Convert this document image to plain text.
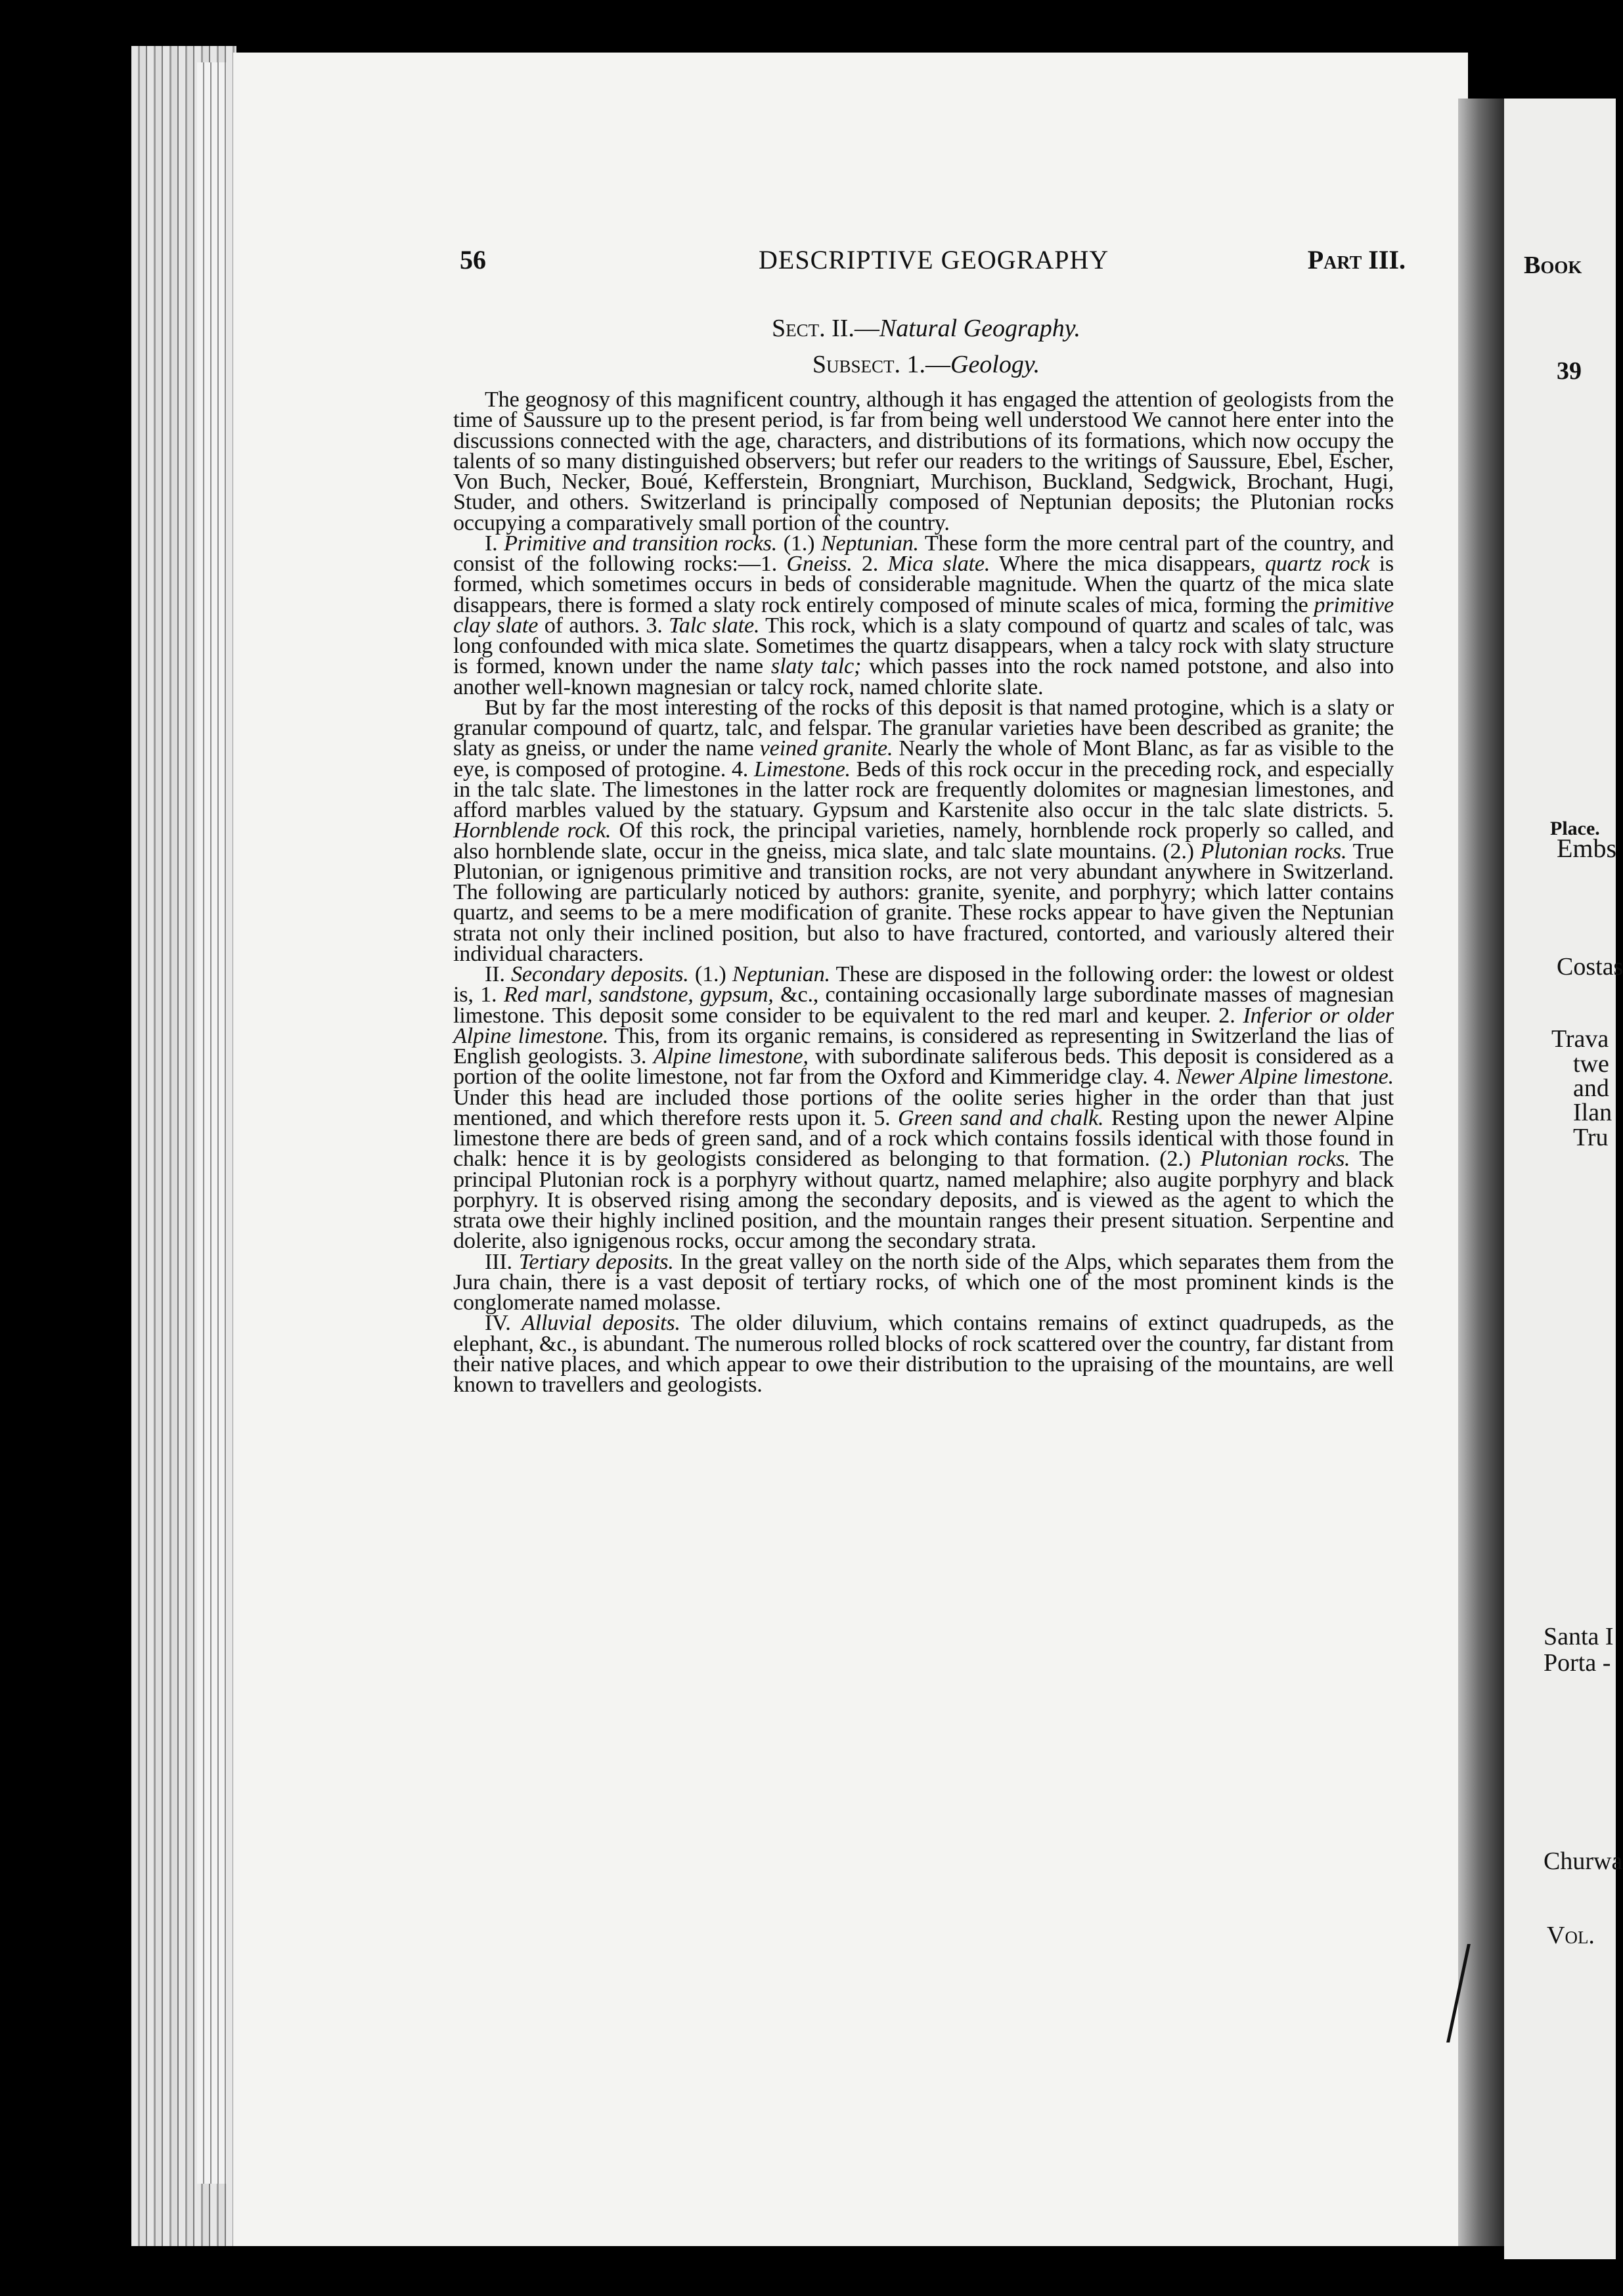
Book
39
Place.
Embs
Costas
Trava
twe
and
Ilan
Tru
Santa I
Porta -
Churwa
Vol.
56	DESCRIPTIVE GEOGRAPHY	Part III.
Sect. II.—Natural Geography.
Subsect. 1.—Geology.

The geognosy of this magnificent country, although it has engaged the attention of geologists from the time of Saussure up to the present period, is far from being well understood We cannot here enter into the discussions connected with the age, characters, and distributions of its formations, which now occupy the talents of so many distinguished observers; but refer our readers to the writings of Saussure, Ebel, Escher, Von Buch, Necker, Boué, Kefferstein, Brongniart, Murchison, Buckland, Sedgwick, Brochant, Hugi, Studer, and others. Switzerland is principally composed of Neptunian deposits; the Plutonian rocks occupying a comparatively small portion of the country.

I. Primitive and transition rocks. (1.) Neptunian. These form the more central part of the country, and consist of the following rocks:—1. Gneiss. 2. Mica slate. Where the mica disappears, quartz rock is formed, which sometimes occurs in beds of considerable magnitude. When the quartz of the mica slate disappears, there is formed a slaty rock entirely composed of minute scales of mica, forming the primitive clay slate of authors. 3. Talc slate. This rock, which is a slaty compound of quartz and scales of talc, was long confounded with mica slate. Sometimes the quartz disappears, when a talcy rock with slaty structure is formed, known under the name slaty talc; which passes into the rock named potstone, and also into another well-known magnesian or talcy rock, named chlorite slate.

But by far the most interesting of the rocks of this deposit is that named protogine, which is a slaty or granular compound of quartz, talc, and felspar. The granular varieties have been described as granite; the slaty as gneiss, or under the name veined granite. Nearly the whole of Mont Blanc, as far as visible to the eye, is composed of protogine. 4. Limestone. Beds of this rock occur in the preceding rock, and especially in the talc slate. The limestones in the latter rock are frequently dolomites or magnesian limestones, and afford marbles valued by the statuary. Gypsum and Karstenite also occur in the talc slate districts. 5. Hornblende rock. Of this rock, the principal varieties, namely, hornblende rock properly so called, and also hornblende slate, occur in the gneiss, mica slate, and talc slate mountains. (2.) Plutonian rocks. True Plutonian, or ignigenous primitive and transition rocks, are not very abundant anywhere in Switzerland. The following are particularly noticed by authors: granite, syenite, and porphyry; which latter contains quartz, and seems to be a mere modification of granite. These rocks appear to have given the Neptunian strata not only their inclined position, but also to have fractured, contorted, and variously altered their individual characters.

II. Secondary deposits. (1.) Neptunian. These are disposed in the following order: the lowest or oldest is, 1. Red marl, sandstone, gypsum, &c., containing occasionally large subordinate masses of magnesian limestone. This deposit some consider to be equivalent to the red marl and keuper. 2. Inferior or older Alpine limestone. This, from its organic remains, is considered as representing in Switzerland the lias of English geologists. 3. Alpine limestone, with subordinate saliferous beds. This deposit is considered as a portion of the oolite limestone, not far from the Oxford and Kimmeridge clay. 4. Newer Alpine limestone. Under this head are included those portions of the oolite series higher in the order than that just mentioned, and which therefore rests upon it. 5. Green sand and chalk. Resting upon the newer Alpine limestone there are beds of green sand, and of a rock which contains fossils identical with those found in chalk: hence it is by geologists considered as belonging to that formation. (2.) Plutonian rocks. The principal Plutonian rock is a porphyry without quartz, named melaphire; also augite porphyry and black porphyry. It is observed rising among the secondary deposits, and is viewed as the agent to which the strata owe their highly inclined position, and the mountain ranges their present situation. Serpentine and dolerite, also ignigenous rocks, occur among the secondary strata.

III. Tertiary deposits. In the great valley on the north side of the Alps, which separates them from the Jura chain, there is a vast deposit of tertiary rocks, of which one of the most prominent kinds is the conglomerate named molasse.

IV. Alluvial deposits. The older diluvium, which contains remains of extinct quadrupeds, as the elephant, &c., is abundant. The numerous rolled blocks of rock scattered over the country, far distant from their native places, and which appear to owe their distribution to the upraising of the mountains, are well known to travellers and geologists.
